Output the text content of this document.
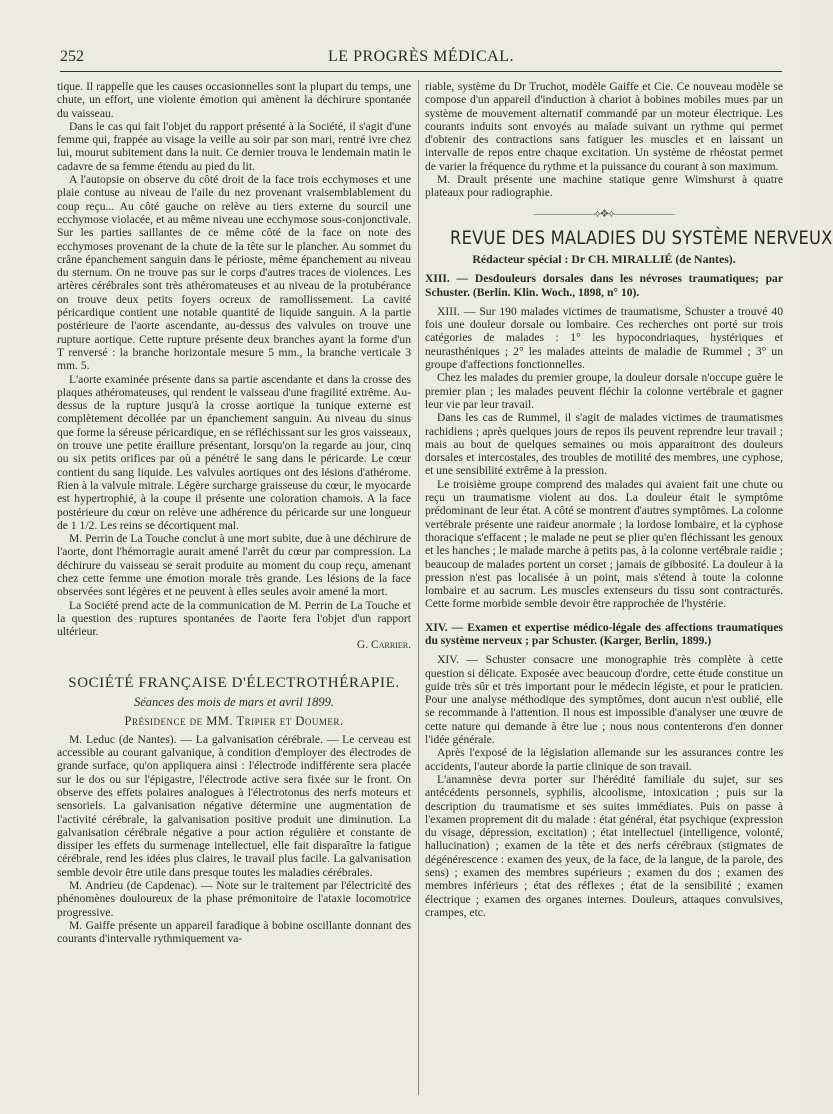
252	LE PROGRÈS MÉDICAL.

tique. Il rappelle que les causes occasionnelles sont la plupart du temps, une chute, un effort, une violente émotion qui amènent la déchirure spontanée du vaisseau.

Dans le cas qui fait l'objet du rapport présenté à la Société, il s'agit d'une femme qui, frappée au visage la veille au soir par son mari, rentré ivre chez lui, mourut subitement dans la nuit. Ce dernier trouva le lendemain matin le cadavre de sa femme étendu au pied du lit.

A l'autopsie on observe du côté droit de la face trois ecchymoses et une plaie contuse au niveau de l'aile du nez provenant vraisemblablement du coup reçu... Au côté gauche on relève au tiers externe du sourcil une ecchymose violacée, et au même niveau une ecchymose sous-conjonctivale. Sur les parties saillantes de ce même côté de la face on note des ecchymoses provenant de la chute de la tête sur le plancher. Au sommet du crâne épanchement sanguin dans le périoste, même épanchement au niveau du sternum. On ne trouve pas sur le corps d'autres traces de violences. Les artères cérébrales sont très athéromateuses et au niveau de la protubérance on trouve deux petits foyers ocreux de ramollissement. La cavité péricardique contient une notable quantité de liquide sanguin. A la partie postérieure de l'aorte ascendante, au-dessus des valvules on trouve une rupture aortique. Cette rupture présente deux branches ayant la forme d'un T renversé : la branche horizontale mesure 5 mm., la branche verticale 3 mm. 5.

L'aorte examinée présente dans sa partie ascendante et dans la crosse des plaques athéromateuses, qui rendent le vaisseau d'une fragilité extrême. Au-dessus de la rupture jusqu'à la crosse aortique la tunique externe est complètement décollée par un épanchement sanguin. Au niveau du sinus que forme la séreuse péricardique, en se réfléchissant sur les gros vaisseaux, on trouve une petite éraillure présentant, lorsqu'on la regarde au jour, cinq ou six petits orifices par où a pénétré le sang dans le péricarde. Le cœur contient du sang liquide. Les valvules aortiques ont des lésions d'athérome. Rien à la valvule mitrale. Légère surcharge graisseuse du cœur, le myocarde est hypertrophié, à la coupe il présente une coloration chamois. A la face postérieure du cœur on relève une adhérence du péricarde sur une longueur de 1 1/2. Les reins se décortiquent mal.

M. Perrin de La Touche conclut à une mort subite, due à une déchirure de l'aorte, dont l'hémorragie aurait amené l'arrêt du cœur par compression. La déchirure du vaisseau se serait produite au moment du coup reçu, amenant chez cette femme une émotion morale très grande. Les lésions de la face observées sont légères et ne peuvent à elles seules avoir amené la mort.

La Société prend acte de la communication de M. Perrin de La Touche et la question des ruptures spontanées de l'aorte fera l'objet d'un rapport ultérieur.

G. Carrier.

SOCIÉTÉ FRANÇAISE D'ÉLECTROTHÉRAPIE.

Séances des mois de mars et avril 1899.

Présidence de MM. Tripier et Doumer.

M. Leduc (de Nantes). — La galvanisation cérébrale. — Le cerveau est accessible au courant galvanique, à condition d'employer des électrodes de grande surface, qu'on appliquera ainsi : l'électrode indifférente sera placée sur le dos ou sur l'épigastre, l'électrode active sera fixée sur le front. On observe des effets polaires analogues à l'électrotonus des nerfs moteurs et sensoriels. La galvanisation négative détermine une augmentation de l'activité cérébrale, la galvanisation positive produit une diminution. La galvanisation cérébrale négative a pour action régulière et constante de dissiper les effets du surmenage intellectuel, elle fait disparaître la fatigue cérébrale, rend les idées plus claires, le travail plus facile. La galvanisation semble devoir être utile dans presque toutes les maladies cérébrales.

M. Andrieu (de Capdenac). — Note sur le traitement par l'électricité des phénomènes douloureux de la phase prémonitoire de l'ataxie locomotrice progressive.

M. Gaiffe présente un appareil faradique à bobine oscillante donnant des courants d'intervalle rythmiquement va-

riable, système du Dr Truchot, modèle Gaiffe et Cie. Ce nouveau modèle se compose d'un appareil d'induction à chariot à bobines mobiles mues par un système de mouvement alternatif commandé par un moteur électrique. Les courants induits sont envoyés au malade suivant un rythme qui permet d'obtenir des contractions sans fatiguer les muscles et en laissant un intervalle de repos entre chaque excitation. Un système de rhéostat permet de varier la fréquence du rythme et la puissance du courant à son maximum.

M. Drault présente une machine statique genre Wimshurst à quatre plateaux pour radiographie.

——————⟡❖⟡——————

REVUE DES MALADIES DU SYSTÈME NERVEUX

Rédacteur spécial : Dr CH. MIRALLIÉ (de Nantes).

XIII. — Desdouleurs dorsales dans les névroses traumatiques; par Schuster. (Berlin. Klin. Woch., 1898, n° 10).

XIII. — Sur 190 malades victimes de traumatisme, Schuster a trouvé 40 fois une douleur dorsale ou lombaire. Ces recherches ont porté sur trois catégories de malades : 1° les hypocondriaques, hystériques et neurasthéniques ; 2° les malades atteints de maladie de Rummel ; 3° un groupe d'affections fonctionnelles.

Chez les malades du premier groupe, la douleur dorsale n'occupe guère le premier plan ; les malades peuvent fléchir la colonne vertébrale et gagner leur vie par leur travail.

Dans les cas de Rummel, il s'agit de malades victimes de traumatismes rachidiens ; après quelques jours de repos ils peuvent reprendre leur travail ; mais au bout de quelques semaines ou mois apparaitront des douleurs dorsales et intercostales, des troubles de motilité des membres, une cyphose, et une sensibilité extrême à la pression.

Le troisième groupe comprend des malades qui avaient fait une chute ou reçu un traumatisme violent au dos. La douleur était le symptôme prédominant de leur état. A côté se montrent d'autres symptômes. La colonne vertébrale présente une raideur anormale ; la lordose lombaire, et la cyphose thoracique s'effacent ; le malade ne peut se plier qu'en fléchissant les genoux et les hanches ; le malade marche à petits pas, à la colonne vertébrale raidie ; beaucoup de malades portent un corset ; jamais de gibbosité. La douleur à la pression n'est pas localisée à un point, mais s'étend à toute la colonne lombaire et au sacrum. Les muscles extenseurs du tissu sont contracturés. Cette forme morbide semble devoir être rapprochée de l'hystérie.

XIV. — Examen et expertise médico-légale des affections traumatiques du système nerveux ; par Schuster. (Karger, Berlin, 1899.)

XIV. — Schuster consacre une monographie très complète à cette question si délicate. Exposée avec beaucoup d'ordre, cette étude constitue un guide très sûr et très important pour le médecin légiste, et pour le praticien. Pour une analyse méthodique des symptômes, dont aucun n'est oublié, elle se recommande à l'attention. Il nous est impossible d'analyser une œuvre de cette nature qui demande à être lue ; nous nous contenterons d'en donner l'idée générale.

Après l'exposé de la législation allemande sur les assurances contre les accidents, l'auteur aborde la partie clinique de son travail.

L'anamnèse devra porter sur l'hérédité familiale du sujet, sur ses antécédents personnels, syphilis, alcoolisme, intoxication ; puis sur la description du traumatisme et ses suites immédiates. Puis on passe à l'examen proprement dit du malade : état général, état psychique (expression du visage, dépression, excitation) ; état intellectuel (intelligence, volonté, hallucination) ; examen de la tête et des nerfs cérébraux (stigmates de dégénérescence : examen des yeux, de la face, de la langue, de la parole, des sens) ; examen des membres supérieurs ; examen du dos ; examen des membres inférieurs ; état des réflexes ; état de la sensibilité ; examen électrique ; examen des organes internes. Douleurs, attaques convulsives, crampes, etc.
